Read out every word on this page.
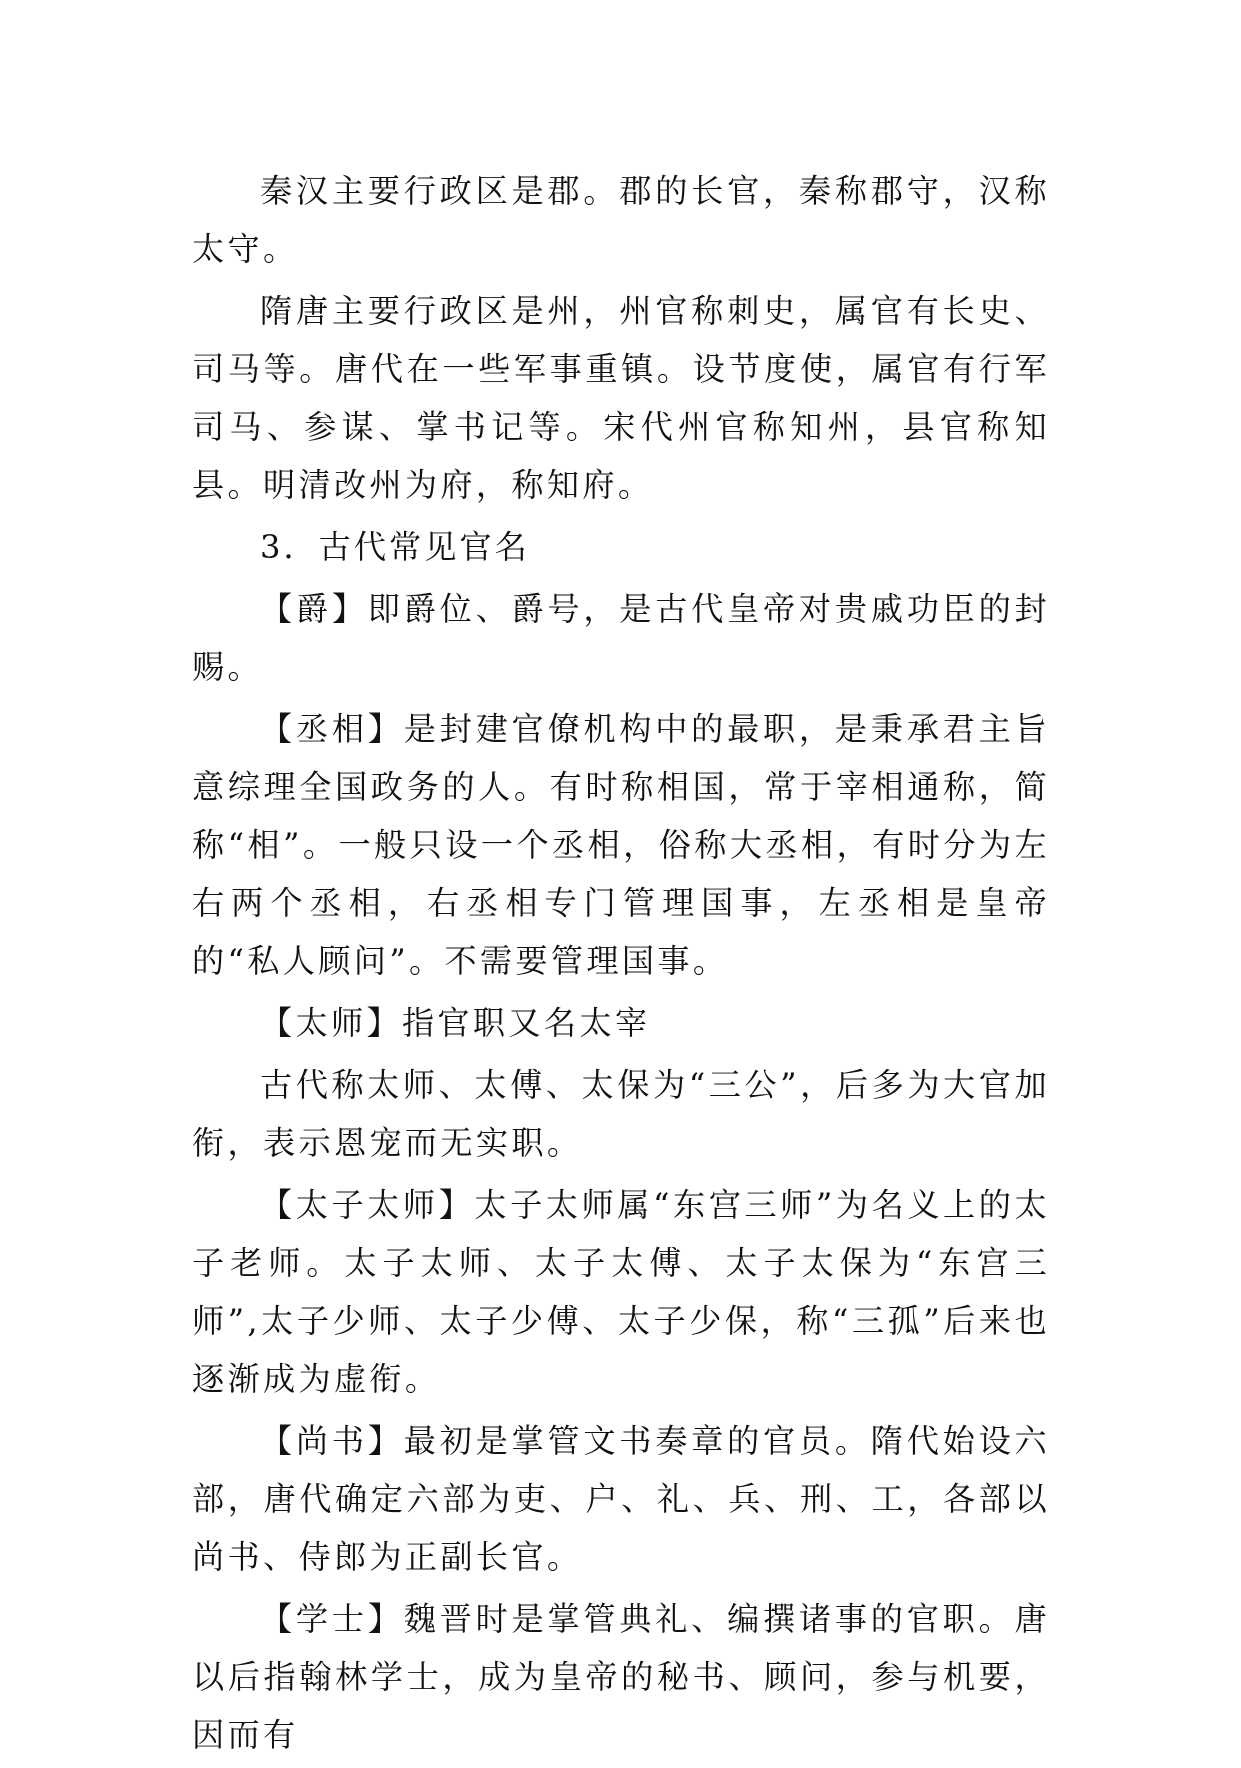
秦汉主要行政区是郡。郡的长官，秦称郡守，汉称太守。

隋唐主要行政区是州，州官称刺史，属官有长史、司马等。唐代在一些军事重镇。设节度使，属官有行军司马、参谋、掌书记等。宋代州官称知州，县官称知县。明清改州为府，称知府。

3．古代常见官名

【爵】即爵位、爵号，是古代皇帝对贵戚功臣的封赐。

【丞相】是封建官僚机构中的最职，是秉承君主旨意综理全国政务的人。有时称相国，常于宰相通称，简称“相”。一般只设一个丞相，俗称大丞相，有时分为左右两个丞相，右丞相专门管理国事，左丞相是皇帝的“私人顾问”。不需要管理国事。

【太师】指官职又名太宰

古代称太师、太傅、太保为“三公”，后多为大官加衔，表示恩宠而无实职。

【太子太师】太子太师属“东宫三师”为名义上的太子老师。太子太师、太子太傅、太子太保为“东宫三师”,太子少师、太子少傅、太子少保，称“三孤”后来也逐渐成为虚衔。

【尚书】最初是掌管文书奏章的官员。隋代始设六部，唐代确定六部为吏、户、礼、兵、刑、工，各部以尚书、侍郎为正副长官。

【学士】魏晋时是掌管典礼、编撰诸事的官职。唐以后指翰林学士，成为皇帝的秘书、顾问，参与机要，因而有
